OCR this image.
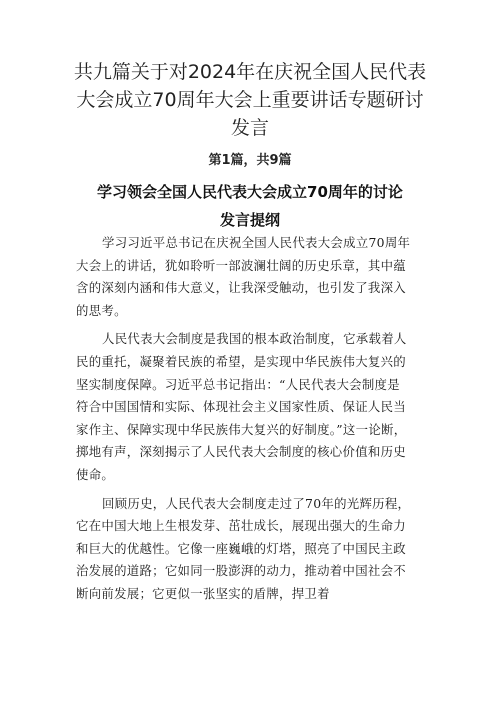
共九篇关于对2024年在庆祝全国人民代表
大会成立70周年大会上重要讲话专题研讨
发言
第1篇，共9篇
学习领会全国人民代表大会成立70周年的讨论
发言提纲

学习习近平总书记在庆祝全国人民代表大会成立70周年
大会上的讲话，犹如聆听一部波澜壮阔的历史乐章，其中蕴
含的深刻内涵和伟大意义，让我深受触动，也引发了我深入
的思考。

人民代表大会制度是我国的根本政治制度，它承载着人
民的重托，凝聚着民族的希望，是实现中华民族伟大复兴的
坚实制度保障。习近平总书记指出：“人民代表大会制度是
符合中国国情和实际、体现社会主义国家性质、保证人民当
家作主、保障实现中华民族伟大复兴的好制度。”这一论断，
掷地有声，深刻揭示了人民代表大会制度的核心价值和历史
使命。

回顾历史，人民代表大会制度走过了70年的光辉历程，
它在中国大地上生根发芽、茁壮成长，展现出强大的生命力
和巨大的优越性。它像一座巍峨的灯塔，照亮了中国民主政
治发展的道路；它如同一股澎湃的动力，推动着中国社会不
断向前发展；它更似一张坚实的盾牌，捍卫着
